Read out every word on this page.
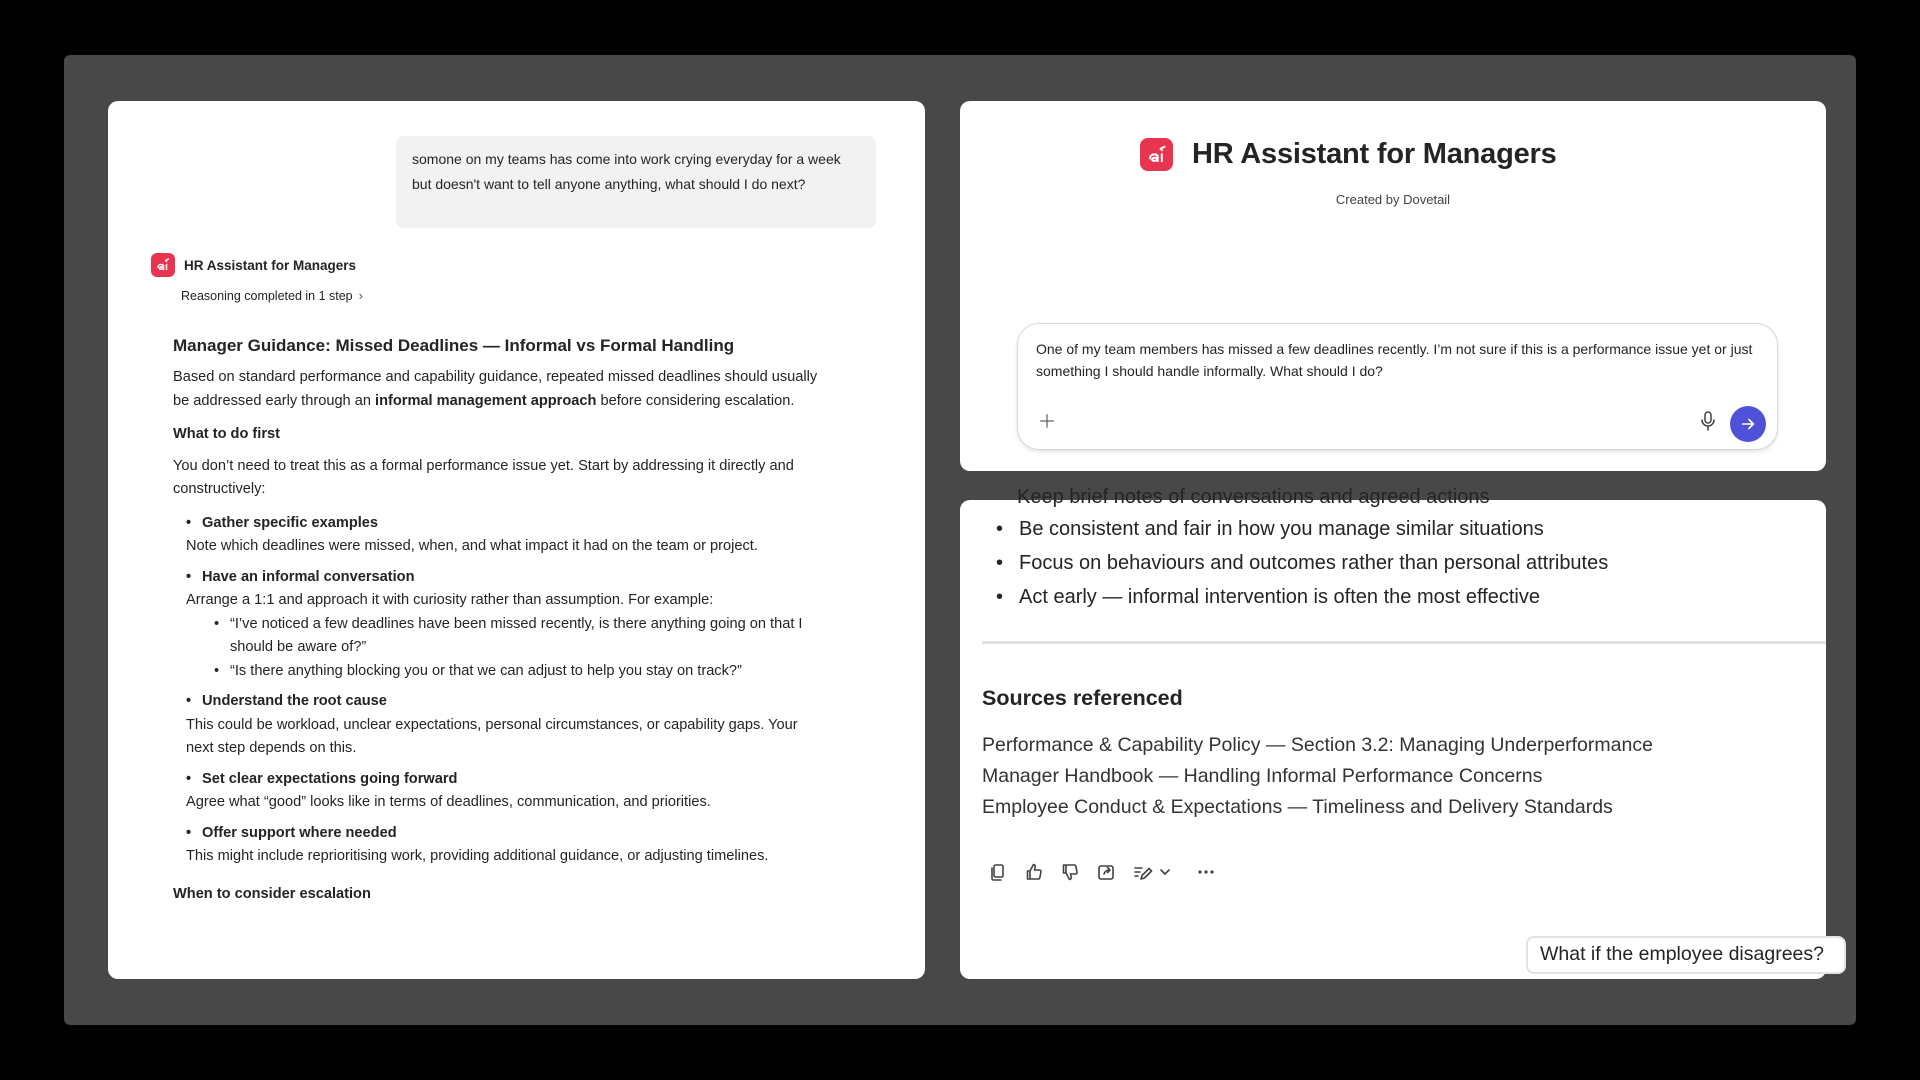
somone on my teams has come into work crying everyday for a week but doesn't want to tell anyone anything, what should I do next?
HR Assistant for Managers
Reasoning completed in 1 step ›
Manager Guidance: Missed Deadlines — Informal vs Formal Handling

Based on standard performance and capability guidance, repeated missed deadlines should usually be addressed early through an informal management approach before considering escalation.

What to do first

You don’t need to treat this as a formal performance issue yet. Start by addressing it directly and constructively:

• Gather specific examples
Note which deadlines were missed, when, and what impact it had on the team or project.
• Have an informal conversation
Arrange a 1:1 and approach it with curiosity rather than assumption. For example:
• “I’ve noticed a few deadlines have been missed recently, is there anything going on that I should be aware of?”
• “Is there anything blocking you or that we can adjust to help you stay on track?”
• Understand the root cause
This could be workload, unclear expectations, personal circumstances, or capability gaps. Your next step depends on this.
• Set clear expectations going forward
Agree what “good” looks like in terms of deadlines, communication, and priorities.
• Offer support where needed
This might include reprioritising work, providing additional guidance, or adjusting timelines.
When to consider escalation
HR Assistant for Managers
Created by Dovetail
One of my team members has missed a few deadlines recently. I’m not sure if this is a performance issue yet or just something I should handle informally. What should I do?
Keep brief notes of conversations and agreed actions
• Be consistent and fair in how you manage similar situations
• Focus on behaviours and outcomes rather than personal attributes
• Act early — informal intervention is often the most effective
Sources referenced
Performance & Capability Policy — Section 3.2: Managing Underperformance
Manager Handbook — Handling Informal Performance Concerns
Employee Conduct & Expectations — Timeliness and Delivery Standards
What if the employee disagrees?
